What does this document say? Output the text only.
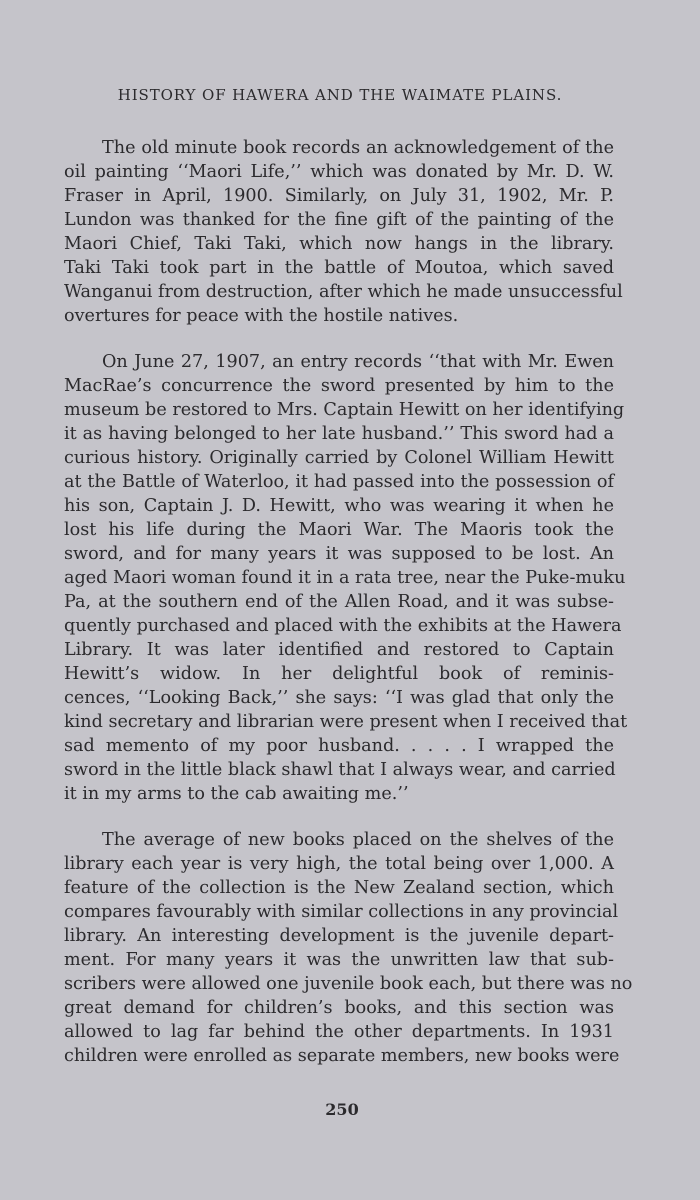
HISTORY OF HAWERA AND THE WAIMATE PLAINS.
The old minute book records an acknowledgement of the
oil painting ‘‘Maori Life,’’ which was donated by Mr. D. W.
Fraser in April, 1900. Similarly, on July 31, 1902, Mr. P.
Lundon was thanked for the fine gift of the painting of the
Maori Chief, Taki Taki, which now hangs in the library.
Taki Taki took part in the battle of Moutoa, which saved
Wanganui from destruction, after which he made unsuccessful
overtures for peace with the hostile natives.
On June 27, 1907, an entry records ‘‘that with Mr. Ewen
MacRae’s concurrence the sword presented by him to the
museum be restored to Mrs. Captain Hewitt on her identifying
it as having belonged to her late husband.’’ This sword had a
curious history. Originally carried by Colonel William Hewitt
at the Battle of Waterloo, it had passed into the possession of
his son, Captain J. D. Hewitt, who was wearing it when he
lost his life during the Maori War. The Maoris took the
sword, and for many years it was supposed to be lost. An
aged Maori woman found it in a rata tree, near the Puke-muku
Pa, at the southern end of the Allen Road, and it was subse-
quently purchased and placed with the exhibits at the Hawera
Library. It was later identified and restored to Captain
Hewitt’s widow. In her delightful book of reminis-
cences, ‘‘Looking Back,’’ she says: ‘‘I was glad that only the
kind secretary and librarian were present when I received that
sad memento of my poor husband. . . . . I wrapped the
sword in the little black shawl that I always wear, and carried
it in my arms to the cab awaiting me.’’
The average of new books placed on the shelves of the
library each year is very high, the total being over 1,000. A
feature of the collection is the New Zealand section, which
compares favourably with similar collections in any provincial
library. An interesting development is the juvenile depart-
ment. For many years it was the unwritten law that sub-
scribers were allowed one juvenile book each, but there was no
great demand for children’s books, and this section was
allowed to lag far behind the other departments. In 1931
children were enrolled as separate members, new books were
250
